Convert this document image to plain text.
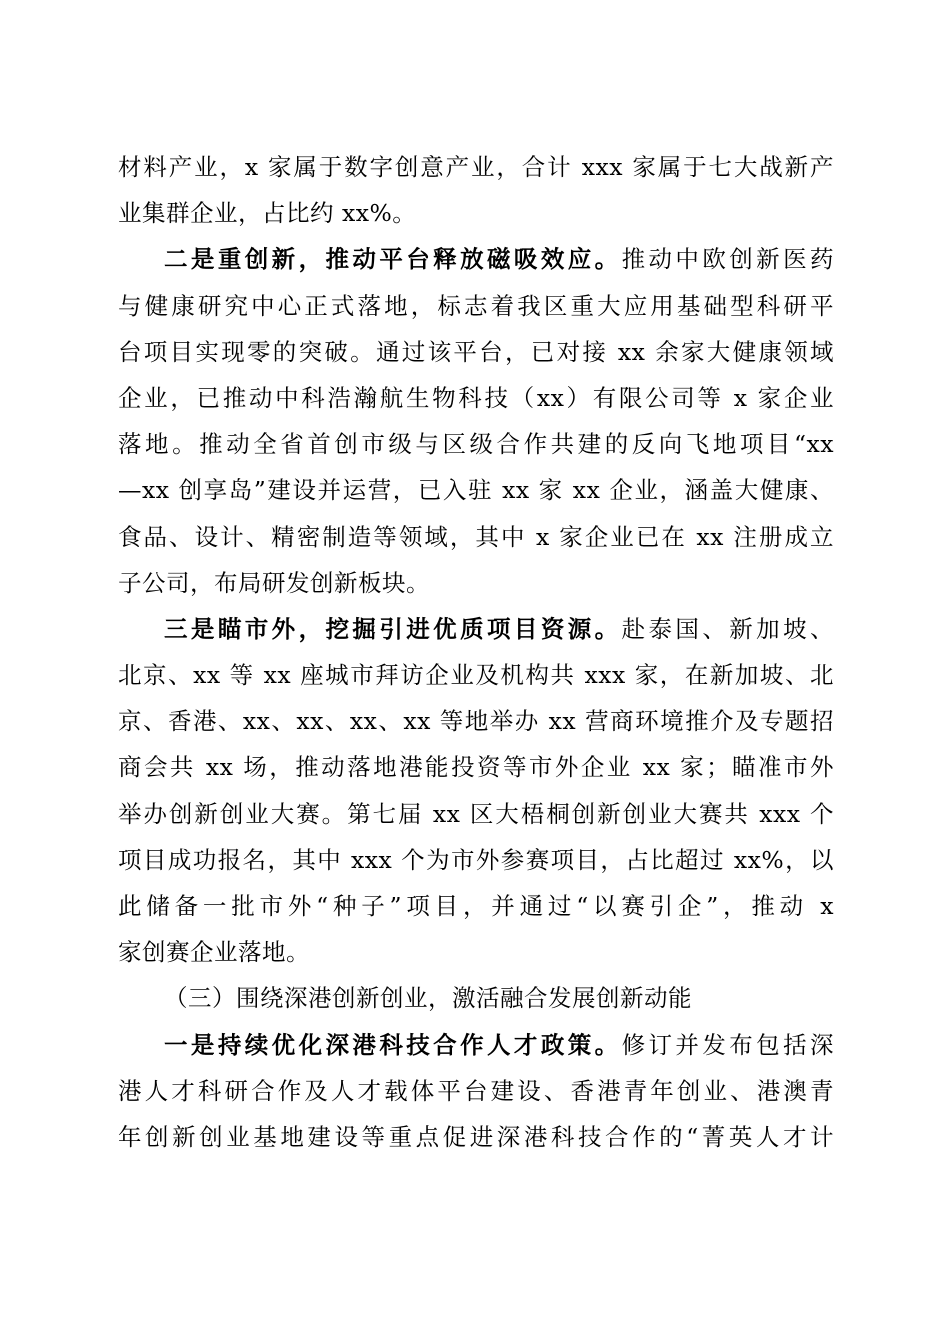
材料产业，x 家属于数字创意产业，合计 xxx 家属于七大战新产
业集群企业，占比约 xx%。
二是重创新，推动平台释放磁吸效应。推动中欧创新医药
与健康研究中心正式落地，标志着我区重大应用基础型科研平
台项目实现零的突破。通过该平台，已对接 xx 余家大健康领域
企业，已推动中科浩瀚航生物科技（xx）有限公司等 x 家企业
落地。推动全省首创市级与区级合作共建的反向飞地项目“xx
—xx 创享岛”建设并运营，已入驻 xx 家 xx 企业，涵盖大健康、
食品、设计、精密制造等领域，其中 x 家企业已在 xx 注册成立
子公司，布局研发创新板块。
三是瞄市外，挖掘引进优质项目资源。赴泰国、新加坡、
北京、xx 等 xx 座城市拜访企业及机构共 xxx 家，在新加坡、北
京、香港、xx、xx、xx、xx 等地举办 xx 营商环境推介及专题招
商会共 xx 场，推动落地港能投资等市外企业 xx 家；瞄准市外
举办创新创业大赛。第七届 xx 区大梧桐创新创业大赛共 xxx 个
项目成功报名，其中 xxx 个为市外参赛项目，占比超过 xx%，以
此储备一批市外“种子”项目，并通过“以赛引企”，推动 x
家创赛企业落地。
（三）围绕深港创新创业，激活融合发展创新动能
一是持续优化深港科技合作人才政策。修订并发布包括深
港人才科研合作及人才载体平台建设、香港青年创业、港澳青
年创新创业基地建设等重点促进深港科技合作的“菁英人才计
